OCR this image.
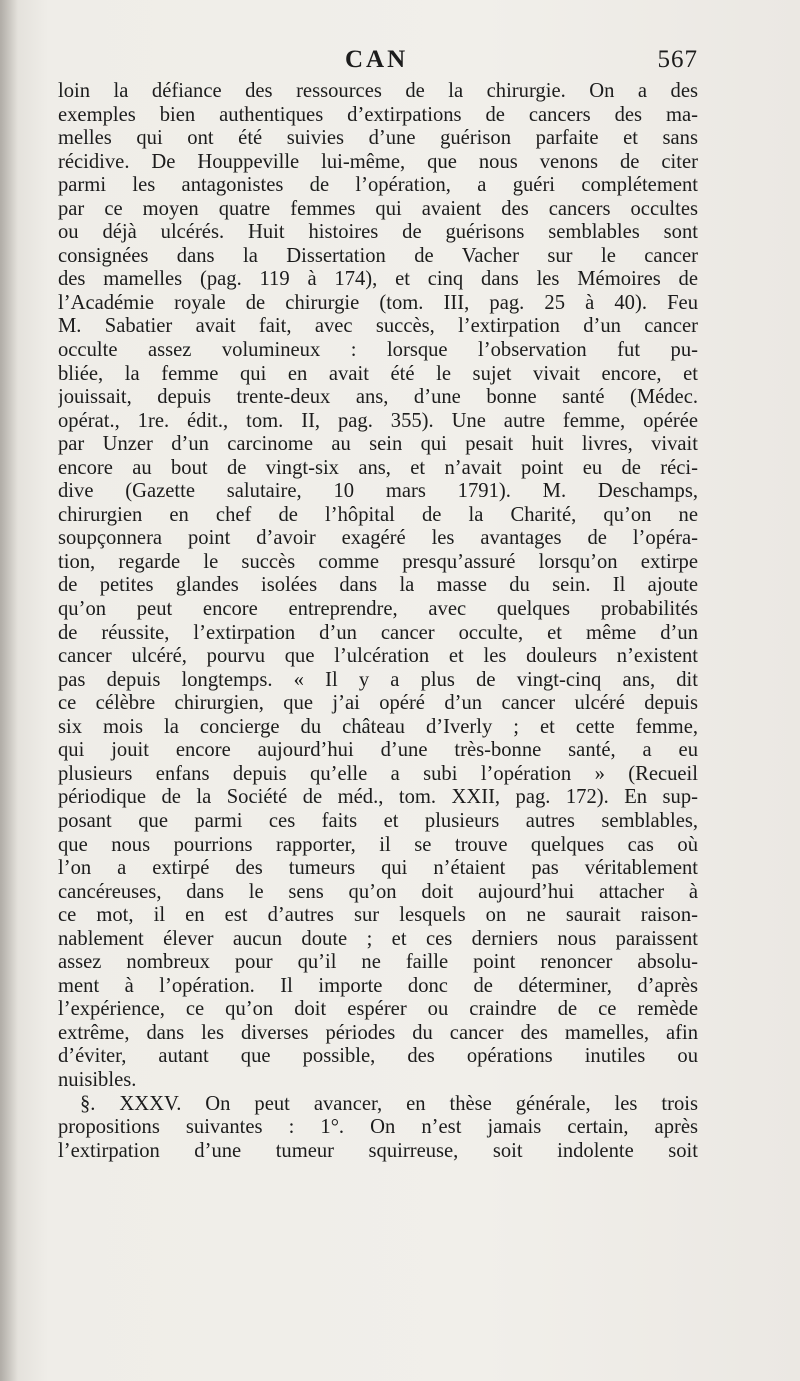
CAN	567
loin la défiance des ressources de la chirurgie. On a des
exemples bien authentiques d’extirpations de cancers des ma-
melles qui ont été suivies d’une guérison parfaite et sans
récidive. De Houppeville lui-même, que nous venons de citer
parmi les antagonistes de l’opération, a guéri complétement
par ce moyen quatre femmes qui avaient des cancers occultes
ou déjà ulcérés. Huit histoires de guérisons semblables sont
consignées dans la Dissertation de Vacher sur le cancer
des mamelles (pag. 119 à 174), et cinq dans les Mémoires de
l’Académie royale de chirurgie (tom. III, pag. 25 à 40). Feu
M. Sabatier avait fait, avec succès, l’extirpation d’un cancer
occulte assez volumineux : lorsque l’observation fut pu-
bliée, la femme qui en avait été le sujet vivait encore, et
jouissait, depuis trente-deux ans, d’une bonne santé (Médec.
opérat., 1re. édit., tom. II, pag. 355). Une autre femme, opérée
par Unzer d’un carcinome au sein qui pesait huit livres, vivait
encore au bout de vingt-six ans, et n’avait point eu de réci-
dive (Gazette salutaire, 10 mars 1791). M. Deschamps,
chirurgien en chef de l’hôpital de la Charité, qu’on ne
soupçonnera point d’avoir exagéré les avantages de l’opéra-
tion, regarde le succès comme presqu’assuré lorsqu’on extirpe
de petites glandes isolées dans la masse du sein. Il ajoute
qu’on peut encore entreprendre, avec quelques probabilités
de réussite, l’extirpation d’un cancer occulte, et même d’un
cancer ulcéré, pourvu que l’ulcération et les douleurs n’existent
pas depuis longtemps. « Il y a plus de vingt-cinq ans, dit
ce célèbre chirurgien, que j’ai opéré d’un cancer ulcéré depuis
six mois la concierge du château d’Iverly ; et cette femme,
qui jouit encore aujourd’hui d’une très-bonne santé, a eu
plusieurs enfans depuis qu’elle a subi l’opération » (Recueil
périodique de la Société de méd., tom. XXII, pag. 172). En sup-
posant que parmi ces faits et plusieurs autres semblables,
que nous pourrions rapporter, il se trouve quelques cas où
l’on a extirpé des tumeurs qui n’étaient pas véritablement
cancéreuses, dans le sens qu’on doit aujourd’hui attacher à
ce mot, il en est d’autres sur lesquels on ne saurait raison-
nablement élever aucun doute ; et ces derniers nous paraissent
assez nombreux pour qu’il ne faille point renoncer absolu-
ment à l’opération. Il importe donc de déterminer, d’après
l’expérience, ce qu’on doit espérer ou craindre de ce remède
extrême, dans les diverses périodes du cancer des mamelles, afin
d’éviter, autant que possible, des opérations inutiles ou
nuisibles.
§. XXXV. On peut avancer, en thèse générale, les trois
propositions suivantes : 1°. On n’est jamais certain, après
l’extirpation d’une tumeur squirreuse, soit indolente soit
